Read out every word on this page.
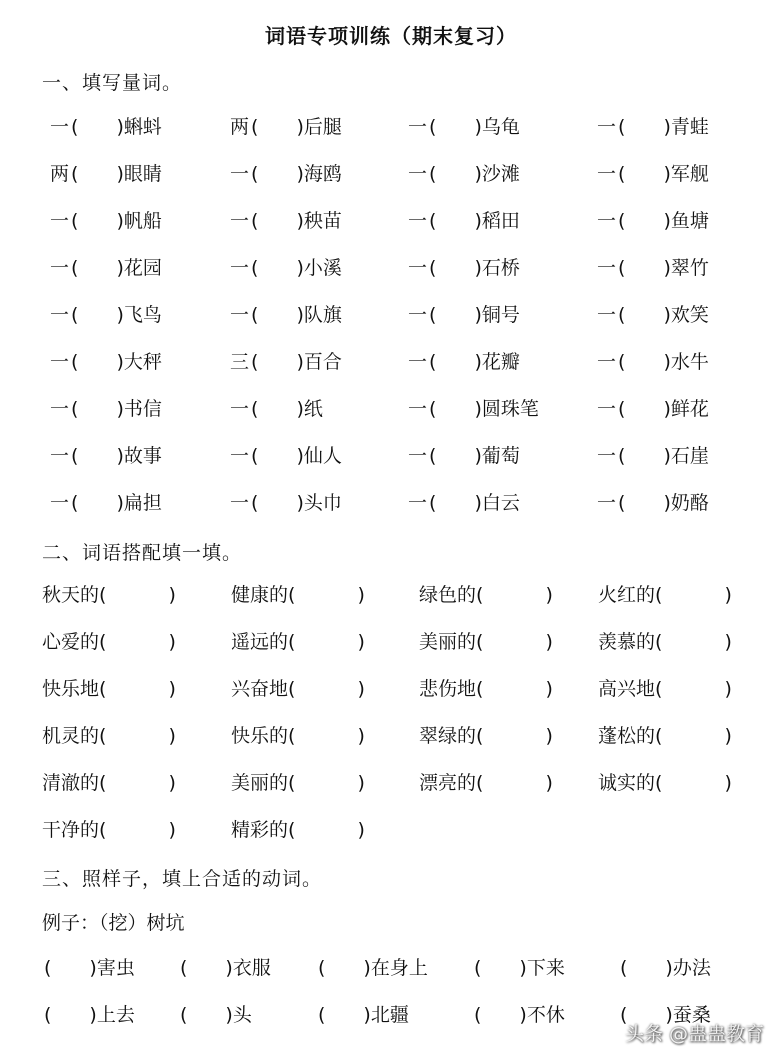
词语专项训练（期末复习）
一、填写量词。
一 ( )蝌蚪	两 ( )后腿	一 ( )乌龟	一 ( )青蛙
两 ( )眼睛	一 ( )海鸥	一 ( )沙滩	一 ( )军舰
一 ( )帆船	一 ( )秧苗	一 ( )稻田	一 ( )鱼塘
一 ( )花园	一 ( )小溪	一 ( )石桥	一 ( )翠竹
一 ( )飞鸟	一 ( )队旗	一 ( )铜号	一 ( )欢笑
一 ( )大秤	三 ( )百合	一 ( )花瓣	一 ( )水牛
一 ( )书信	一 ( )纸	一 ( )圆珠笔	一 ( )鲜花
一 ( )故事	一 ( )仙人	一 ( )葡萄	一 ( )石崖
一 ( )扁担	一 ( )头巾	一 ( )白云	一 ( )奶酪
二、词语搭配填一填。
秋天的(	)	健康的(	)	绿色的(	) 火红的(	)
心爱的(	)	遥远的(	)	美丽的(	) 羡慕的(	)
快乐地(	)	兴奋地(	)	悲伤地(	) 高兴地(	)
机灵的(	)	快乐的(	)	翠绿的(	) 蓬松的(	)
清澈的(	)	美丽的(	)	漂亮的(	) 诚实的(	)
干净的(	)	精彩的(	)
三、照样子，填上合适的动词。
例子：（挖）树坑
( )害虫 ( )衣服 ( )在身上 ( )下来	( )办法
( )上去 ( )头	( )北疆	( )不休	( )蚕桑
头条 @蛊蛊教育
